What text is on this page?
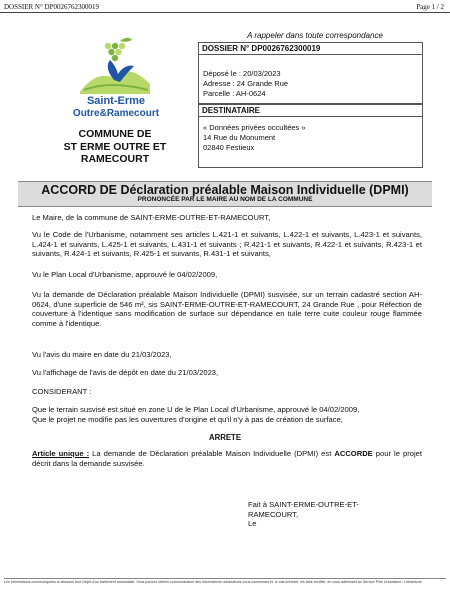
DOSSIER N° DP0026762300019	Page 1 / 2
Saint-Erme
Outre&Ramecourt
COMMUNE DE
ST ERME OUTRE ET
RAMECOURT
A rappeler dans toute correspondance
DOSSIER N° DP0026762300019
Déposé le : 20/03/2023
Adresse : 24 Grande Rue
Parcelle : AH-0624
DESTINATAIRE
« Données privées occultées »
14 Rue du Monument
02840 Festieux
ACCORD DE Déclaration préalable Maison Individuelle (DPMI)
PRONONCÉE PAR LE MAIRE AU NOM DE LA COMMUNE
Le Maire, de la commune de SAINT-ERME-OUTRE-ET-RAMECOURT,
Vu le Code de l'Urbanisme, notamment ses articles L.421-1 et suivants, L.422-1 et suivants, L.423-1 et suivants, L.424-1 et suivants, L.425-1 et suivants, L.431-1 et suivants ; R.421-1 et suivants, R.422-1 et suivants, R.423-1 et suivants, R.424-1 et suivants, R.425-1 et suivants, R.431-1 et suivants,
Vu le Plan Local d'Urbanisme, approuvé le 04/02/2009,
Vu la demande de Déclaration préalable Maison Individuelle (DPMI) susvisée, sur un terrain cadastré section AH-0624, d'une superficie de 546 m², sis SAINT-ERME-OUTRE-ET-RAMECOURT, 24 Grande Rue , pour Réfection de couverture à l'identique sans modification de surface sur dépendance en tuile terre cuite couleur rouge flammée comme à l'identique.
Vu l'avis du maire en date du 21/03/2023,
Vu l'affichage de l'avis de dépôt en date du 21/03/2023,
CONSIDERANT :
Que le terrain susvisé est situé en zone U de le Plan Local d'Urbanisme, approuvé le 04/02/2009,
Que le projet ne modifie pas les ouvertures d'origine et qu'il n'y à pas de création de surface,
ARRETE
Article unique : La demande de Déclaration préalable Maison Individuelle (DPMI) est ACCORDE pour le projet décrit dans la demande susvisée.
Fait à SAINT-ERME-OUTRE-ET-
RAMECOURT,
Le
Les informations communiquées ci-dessous font l'objet d'un traitement automatisé. Vous pouvez obtenir communication des informations nominatives vous concernant et, le cas échéant, les faire rectifier, en vous adressant au Service Pôle Urbanisme / Urbanisme.
